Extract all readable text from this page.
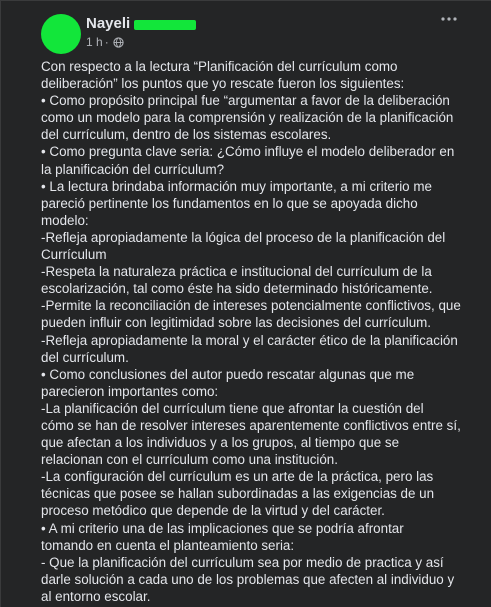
Nayeli
1 h ·

Con respecto a la lectura “Planificación del currículum como

deliberación” los puntos que yo rescate fueron los siguientes:

• Como propósito principal fue “argumentar a favor de la deliberación

como un modelo para la comprensión y realización de la planificación

del currículum, dentro de los sistemas escolares.

• Como pregunta clave seria: ¿Cómo influye el modelo deliberador en

la planificación del currículum?

• La lectura brindaba información muy importante, a mi criterio me

pareció pertinente los fundamentos en lo que se apoyada dicho

modelo:

-Refleja apropiadamente la lógica del proceso de la planificación del

Currículum

-Respeta la naturaleza práctica e institucional del currículum de la

escolarización, tal como éste ha sido determinado históricamente.

-Permite la reconciliación de intereses potencialmente conflictivos, que

pueden influir con legitimidad sobre las decisiones del currículum.

-Refleja apropiadamente la moral y el carácter ético de la planificación

del currículum.

• Como conclusiones del autor puedo rescatar algunas que me

parecieron importantes como:

-La planificación del currículum tiene que afrontar la cuestión del

cómo se han de resolver intereses aparentemente conflictivos entre sí,

que afectan a los individuos y a los grupos, al tiempo que se

relacionan con el currículum como una institución.

-La configuración del currículum es un arte de la práctica, pero las

técnicas que posee se hallan subordinadas a las exigencias de un

proceso metódico que depende de la virtud y del carácter.

• A mi criterio una de las implicaciones que se podría afrontar

tomando en cuenta el planteamiento seria:

- Que la planificación del currículum sea por medio de practica y así

darle solución a cada uno de los problemas que afecten al individuo y

al entorno escolar.
